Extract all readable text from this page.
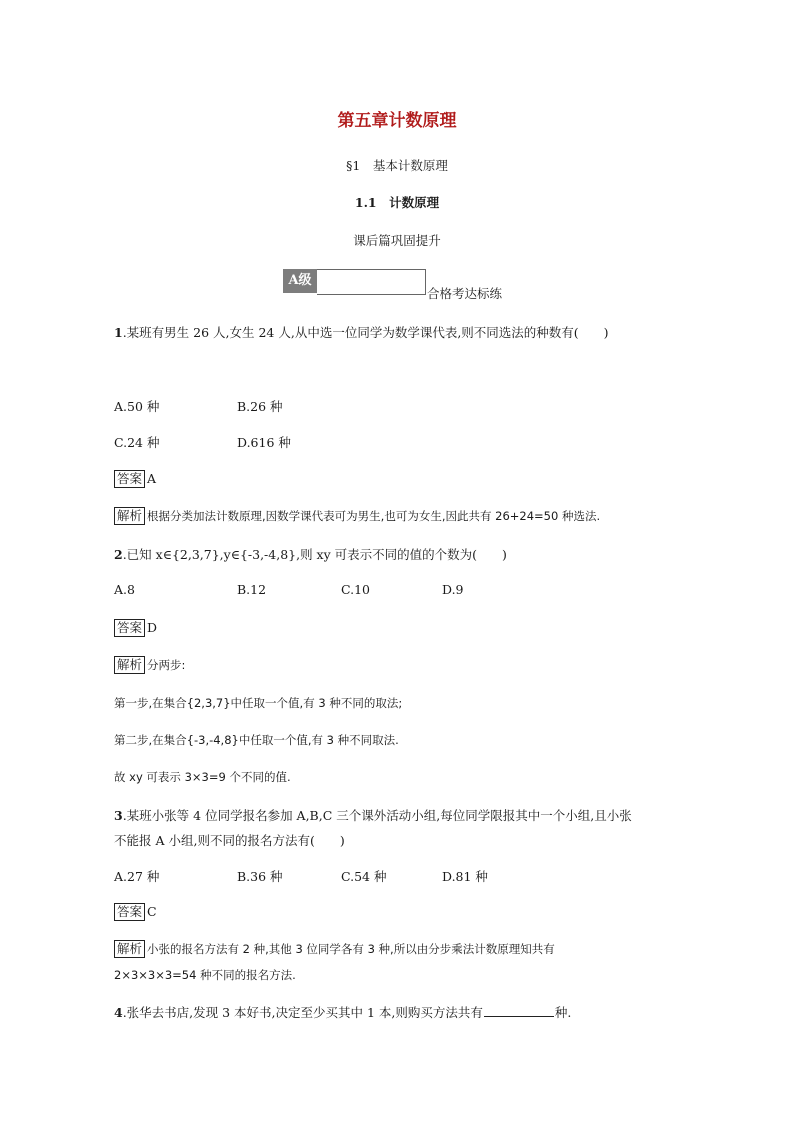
第五章计数原理
§1　基本计数原理
1.1　计数原理
课后篇巩固提升
A级
合格考达标练
1.某班有男生 26 人,女生 24 人,从中选一位同学为数学课代表,则不同选法的种数有(　　)
A.50 种	B.26 种
C.24 种	D.616 种
答案 A
解析 根据分类加法计数原理,因数学课代表可为男生,也可为女生,因此共有 26+24=50 种选法.
2.已知 x∈{2,3,7},y∈{-3,-4,8},则 xy 可表示不同的值的个数为(　　)
A.8	B.12	C.10	D.9
答案 D
解析 分两步:
第一步,在集合{2,3,7}中任取一个值,有 3 种不同的取法;
第二步,在集合{-3,-4,8}中任取一个值,有 3 种不同取法.
故 xy 可表示 3×3=9 个不同的值.
3.某班小张等 4 位同学报名参加 A,B,C 三个课外活动小组,每位同学限报其中一个小组,且小张
不能报 A 小组,则不同的报名方法有(　　)
A.27 种	B.36 种	C.54 种	D.81 种
答案 C
解析 小张的报名方法有 2 种,其他 3 位同学各有 3 种,所以由分步乘法计数原理知共有
2×3×3×3=54 种不同的报名方法.
4.张华去书店,发现 3 本好书,决定至少买其中 1 本,则购买方法共有	种.
